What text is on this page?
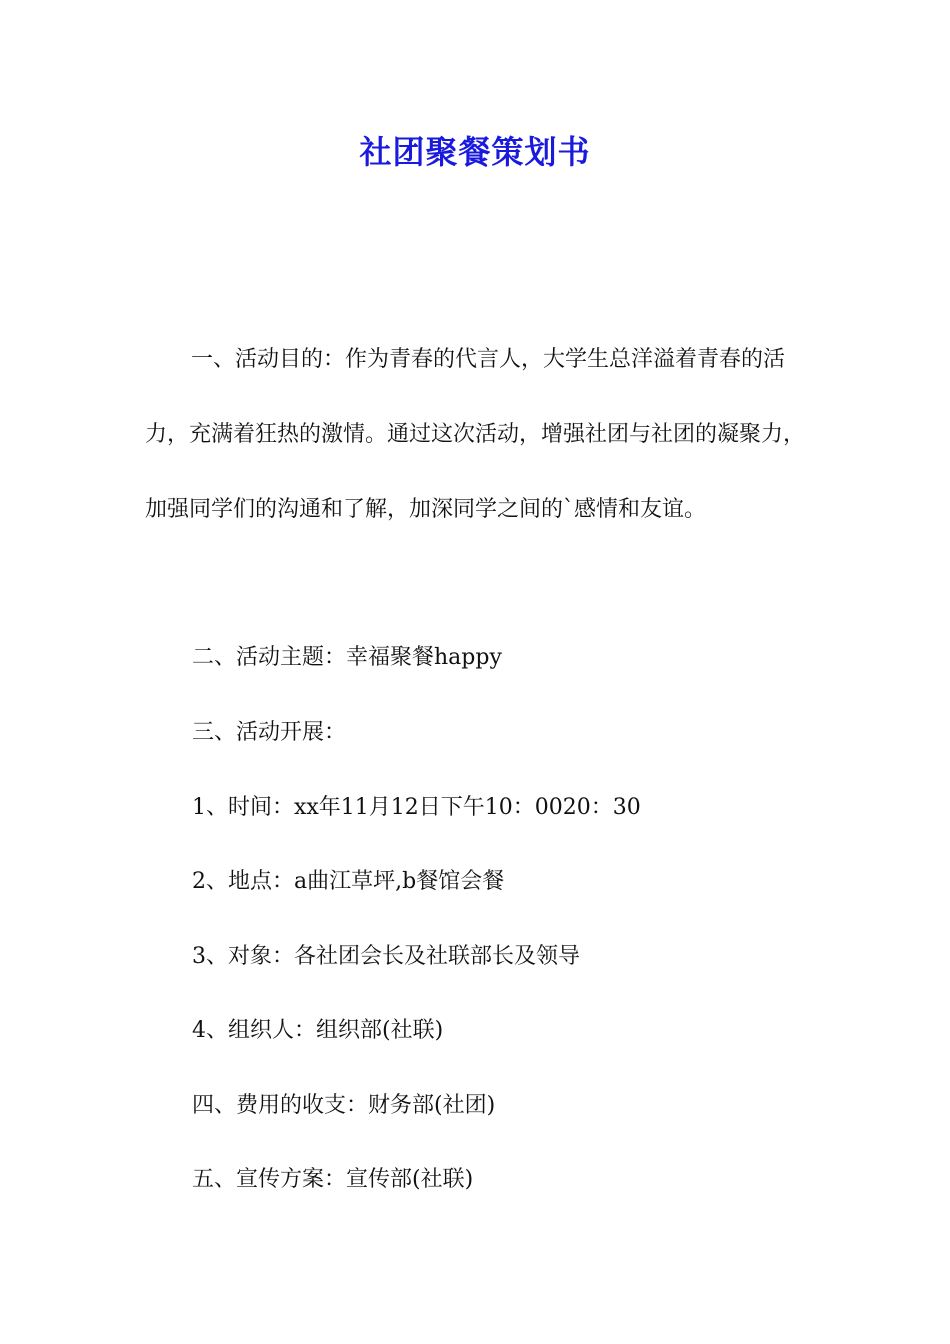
社团聚餐策划书

一、活动目的：作为青春的代言人，大学生总洋溢着青春的活力，充满着狂热的激情。通过这次活动，增强社团与社团的凝聚力，加强同学们的沟通和了解，加深同学之间的`感情和友谊。

二、活动主题：幸福聚餐happy

三、活动开展：

1、时间：xx年11月12日下午10：0020：30

2、地点：a曲江草坪,b餐馆会餐

3、对象：各社团会长及社联部长及领导

4、组织人：组织部(社联)

四、费用的收支：财务部(社团)

五、宣传方案：宣传部(社联)
